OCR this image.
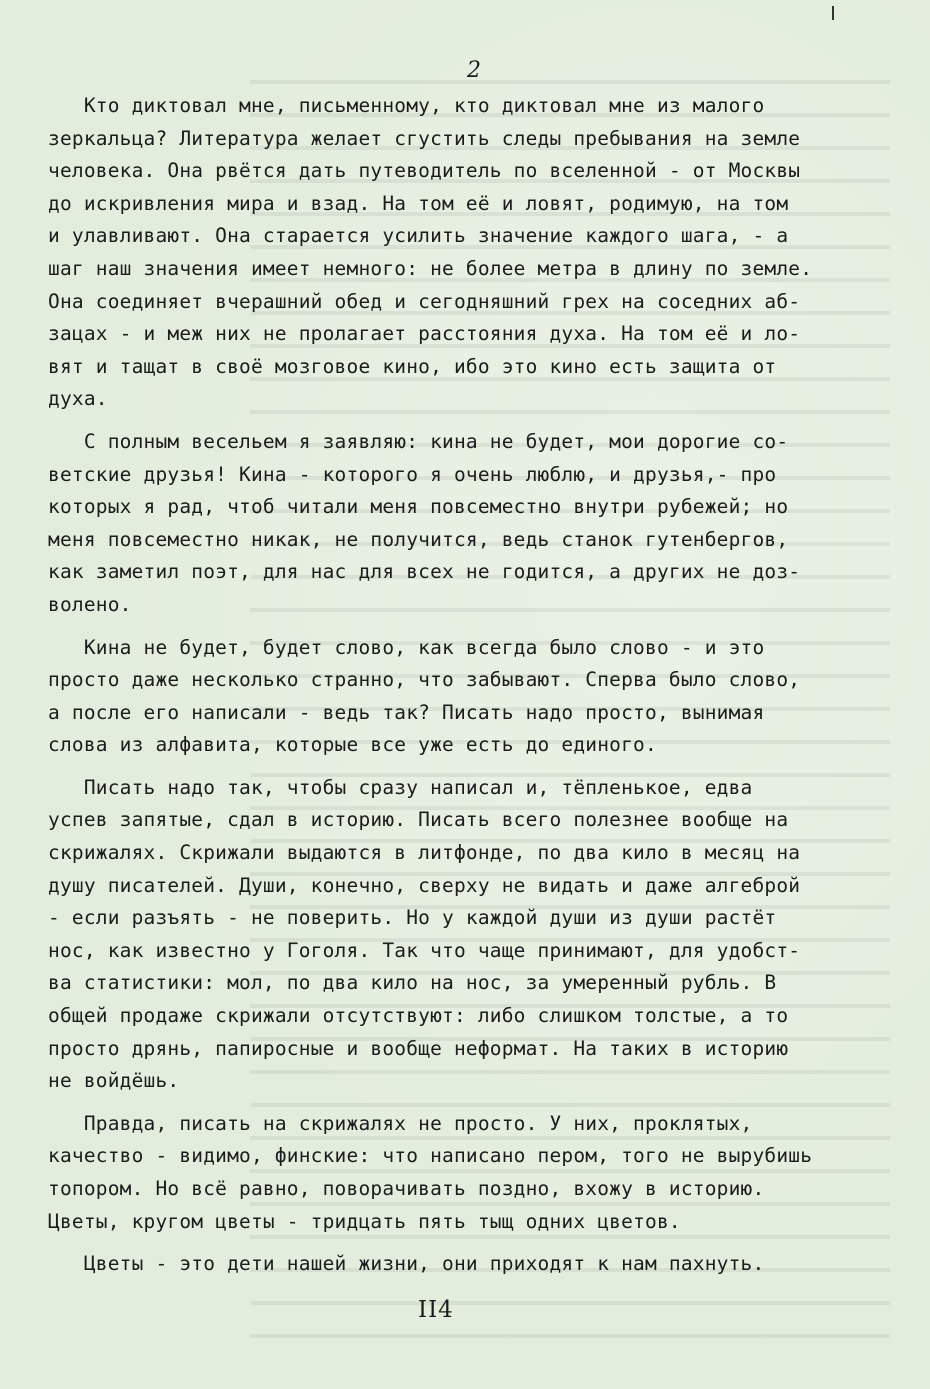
2
Кто диктовал мне, письменному, кто диктовал мне из малого
зеркальца? Литература желает сгустить следы пребывания на земле
человека. Она рвётся дать путеводитель по вселенной - от Москвы
до искривления мира и взад. На том её и ловят, родимую, на том
и улавливают. Она старается усилить значение каждого шага, - а
шаг наш значения имеет немного: не более метра в длину по земле.
Она соединяет вчерашний обед и сегодняшний грех на соседних аб-
зацах - и меж них не пролагает расстояния духа. На том её и ло-
вят и тащат в своё мозговое кино, ибо это кино есть защита от
духа.
С полным весельем я заявляю: кина не будет, мои дорогие со-
ветские друзья! Кина - которого я очень люблю, и друзья,- про
которых я рад, чтоб читали меня повсеместно внутри рубежей; но
меня повсеместно никак, не получится, ведь станок гутенбергов,
как заметил поэт, для нас для всех не годится, а других не доз-
волено.
Кина не будет, будет слово, как всегда было слово - и это
просто даже несколько странно, что забывают. Сперва было слово,
а после его написали - ведь так? Писать надо просто, вынимая
слова из алфавита, которые все уже есть до единого.
Писать надо так, чтобы сразу написал и, тёпленькое, едва
успев запятые, сдал в историю. Писать всего полезнее вообще на
скрижалях. Скрижали выдаются в литфонде, по два кило в месяц на
душу писателей. Души, конечно, сверху не видать и даже алгеброй
- если разъять - не поверить. Но у каждой души из души растёт
нос, как известно у Гоголя. Так что чаще принимают, для удобст-
ва статистики: мол, по два кило на нос, за умеренный рубль. В
общей продаже скрижали отсутствуют: либо слишком толстые, а то
просто дрянь, папиросные и вообще неформат. На таких в историю
не войдёшь.
Правда, писать на скрижалях не просто. У них, проклятых,
качество - видимо, финские: что написано пером, того не вырубишь
топором. Но всё равно, поворачивать поздно, вхожу в историю.
Цветы, кругом цветы - тридцать пять тыщ одних цветов.
Цветы - это дети нашей жизни, они приходят к нам пахнуть.
II4
